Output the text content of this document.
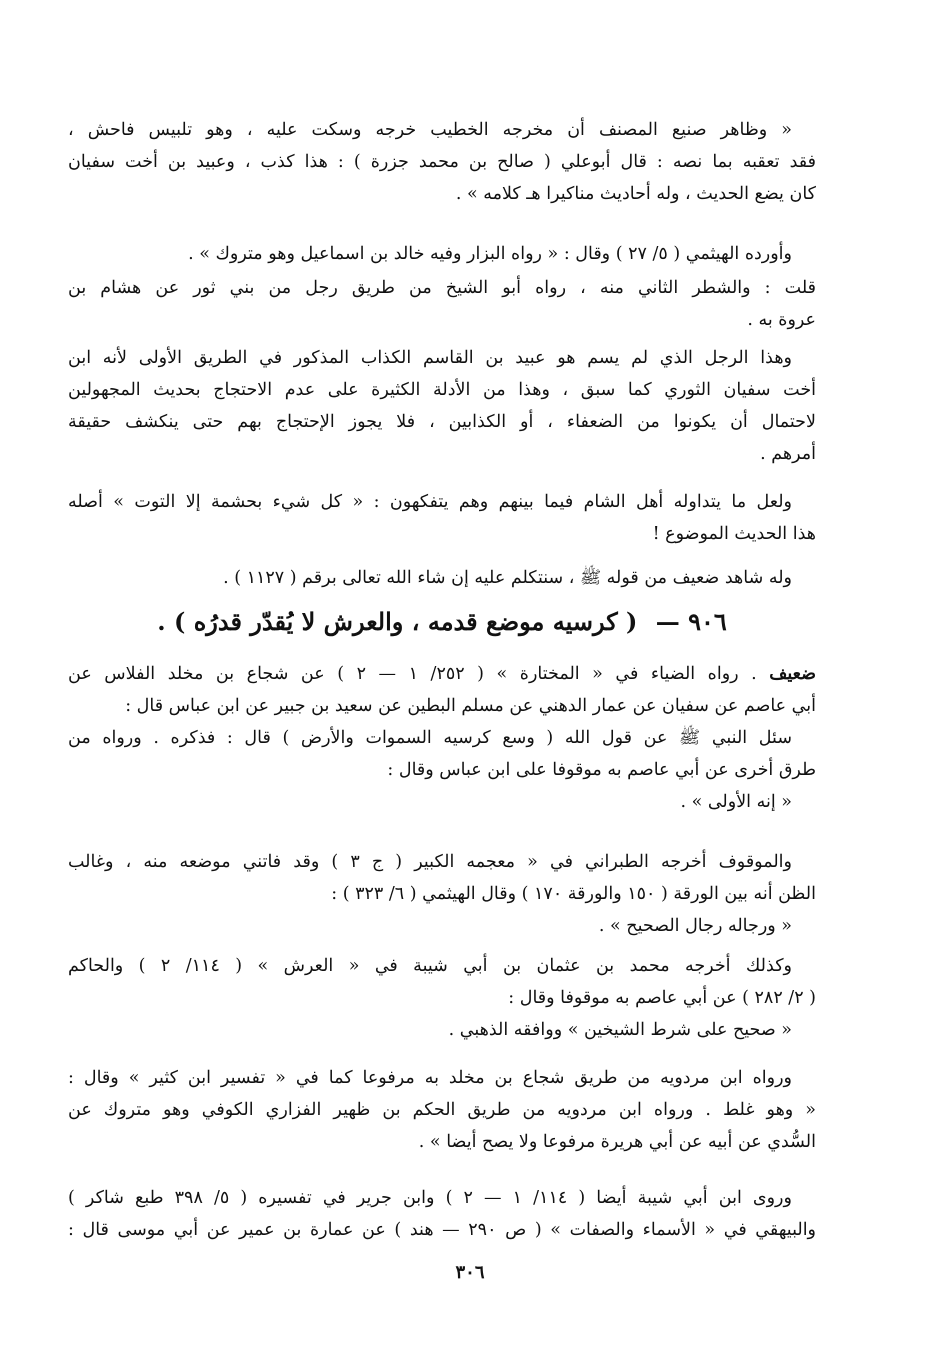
« وظاهر صنيع المصنف أن مخرجه الخطيب خرجه وسكت عليه ، وهو تلبيس فاحش ،
فقد تعقبه بما نصه : قال أبوعلي ( صالح بن محمد جزرة ) : هذا كذب ، وعبيد بن أخت سفيان
كان يضع الحديث ، وله أحاديث مناكيرا هـ كلامه » .
وأورده الهيثمي ( ٥/ ٢٧ ) وقال : « رواه البزار وفيه خالد بن اسماعيل وهو متروك » .
قلت : والشطر الثاني منه ، رواه أبو الشيخ من طريق رجل من بني ثور عن هشام بن
عروة به .
وهذا الرجل الذي لم يسم هو عبيد بن القاسم الكذاب المذكور في الطريق الأولى لأنه ابن
أخت سفيان الثوري كما سبق ، وهذا من الأدلة الكثيرة على عدم الاحتجاج بحديث المجهولين
لاحتمال أن يكونوا من الضعفاء ، أو الكذابين ، فلا يجوز الإحتجاج بهم حتى ينكشف حقيقة
أمرهم .
ولعل ما يتداوله أهل الشام فيما بينهم وهم يتفكهون : « كل شيء بحشمة إلا التوت » أصله
هذا الحديث الموضوع !
وله شاهد ضعيف من قوله ﷺ ، سنتكلم عليه إن شاء الله تعالى برقم ( ١١٢٧ ) .
٩٠٦ — ( كرسيه موضع قدمه ، والعرش لا يُقدّر قدرُه ) .
ضعيف . رواه الضياء في « المختارة » ( ٢٥٢/ ١ — ٢ ) عن شجاع بن مخلد الفلاس عن
أبي عاصم عن سفيان عن عمار الدهني عن مسلم البطين عن سعيد بن جبير عن ابن عباس قال :
سئل النبي ﷺ عن قول الله ( وسع كرسيه السموات والأرض ) قال : فذكره . ورواه من
طرق أخرى عن أبي عاصم به موقوفا على ابن عباس وقال :
« إنه الأولى » .
والموقوف أخرجه الطبراني في « معجمه الكبير ( ج ٣ ) وقد فاتني موضعه منه ، وغالب
الظن أنه بين الورقة ( ١٥٠ والورقة ١٧٠ ) وقال الهيثمي ( ٦/ ٣٢٣ ) :
« ورجاله رجال الصحيح » .
وكذلك أخرجه محمد بن عثمان بن أبي شيبة في « العرش » ( ١١٤/ ٢ ) والحاكم
( ٢/ ٢٨٢ ) عن أبي عاصم به موقوفا وقال :
« صحيح على شرط الشيخين » ووافقه الذهبي .
ورواه ابن مردويه من طريق شجاع بن مخلد به مرفوعا كما في « تفسير ابن كثير » وقال :
« وهو غلط . ورواه ابن مردويه من طريق الحكم بن ظهير الفزاري الكوفي وهو متروك عن
السُّدي عن أبيه عن أبي هريرة مرفوعا ولا يصح أيضا » .
وروى ابن أبي شيبة أيضا ( ١١٤/ ١ — ٢ ) وابن جرير في تفسيره ( ٥/ ٣٩٨ طبع شاكر )
والبيهقي في « الأسماء والصفات » ( ص ٢٩٠ — هند ) عن عمارة بن عمير عن أبي موسى قال :
٣٠٦
